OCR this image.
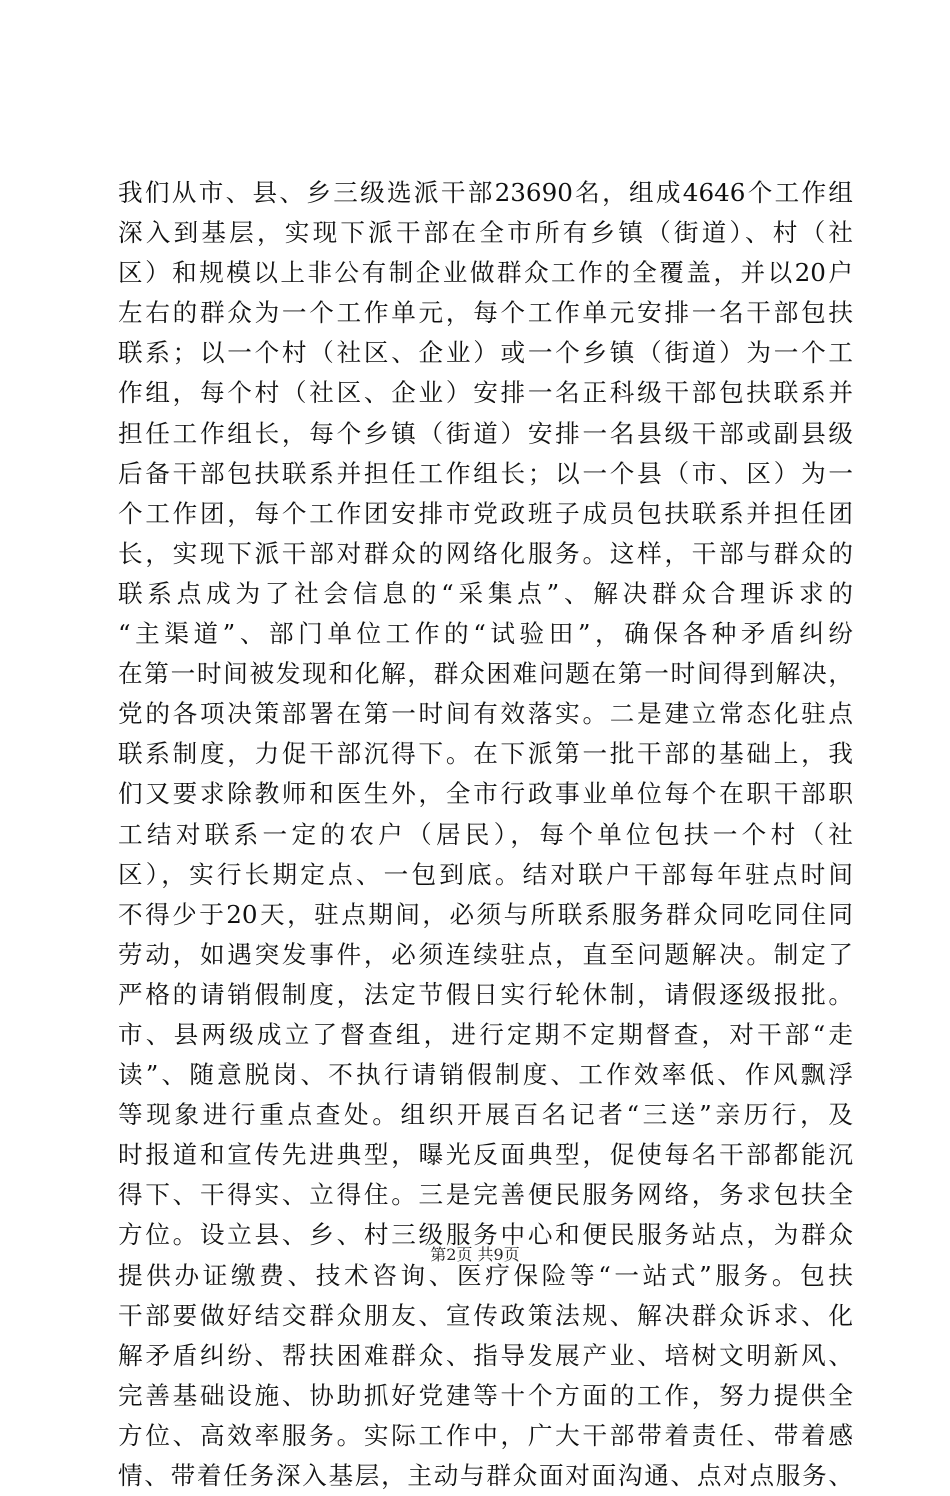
我们从市、县、乡三级选派干部23690名，组成4646个工作组
深入到基层，实现下派干部在全市所有乡镇（街道）、村（社
区）和规模以上非公有制企业做群众工作的全覆盖，并以20户
左右的群众为一个工作单元，每个工作单元安排一名干部包扶
联系；以一个村（社区、企业）或一个乡镇（街道）为一个工
作组，每个村（社区、企业）安排一名正科级干部包扶联系并
担任工作组长，每个乡镇（街道）安排一名县级干部或副县级
后备干部包扶联系并担任工作组长；以一个县（市、区）为一
个工作团，每个工作团安排市党政班子成员包扶联系并担任团
长，实现下派干部对群众的网络化服务。这样，干部与群众的
联系点成为了社会信息的“采集点”、解决群众合理诉求的
“主渠道”、部门单位工作的“试验田”，确保各种矛盾纠纷
在第一时间被发现和化解，群众困难问题在第一时间得到解决，
党的各项决策部署在第一时间有效落实。二是建立常态化驻点
联系制度，力促干部沉得下。在下派第一批干部的基础上，我
们又要求除教师和医生外，全市行政事业单位每个在职干部职
工结对联系一定的农户（居民），每个单位包扶一个村（社
区），实行长期定点、一包到底。结对联户干部每年驻点时间
不得少于20天，驻点期间，必须与所联系服务群众同吃同住同
劳动，如遇突发事件，必须连续驻点，直至问题解决。制定了
严格的请销假制度，法定节假日实行轮休制，请假逐级报批。
市、县两级成立了督查组，进行定期不定期督查，对干部“走
读”、随意脱岗、不执行请销假制度、工作效率低、作风飘浮
等现象进行重点查处。组织开展百名记者“三送”亲历行，及
时报道和宣传先进典型，曝光反面典型，促使每名干部都能沉
得下、干得实、立得住。三是完善便民服务网络，务求包扶全
方位。设立县、乡、村三级服务中心和便民服务站点，为群众
提供办证缴费、技术咨询、医疗保险等“一站式”服务。包扶
干部要做好结交群众朋友、宣传政策法规、解决群众诉求、化
解矛盾纠纷、帮扶困难群众、指导发展产业、培树文明新风、
完善基础设施、协助抓好党建等十个方面的工作，努力提供全
方位、高效率服务。实际工作中，广大干部带着责任、带着感
情、带着任务深入基层，主动与群众面对面沟通、点对点服务、
第2页 共9页
